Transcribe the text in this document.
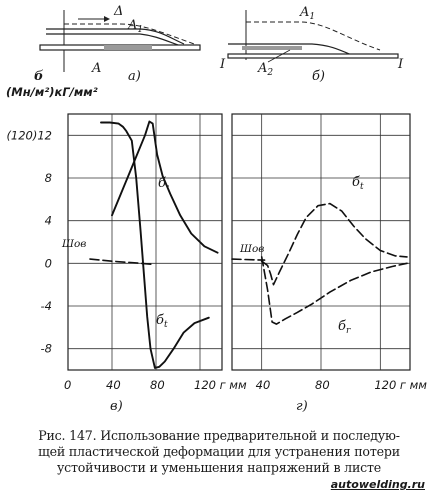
Δ
$A_1$
б
A
а)
$A_1$
$A_2$
I	I
б)
(Мн/м²)кГ/мм²
(120)12
8
4
0
-4
-8
0	40	80	120 г мм 40	80	120 г мм
б.
$б_t$
Шов
в)
$б_t$
$б_r$
Шов
г)
Рис. 147. Использование предварительной и последую-
щей пластической деформации для устранения потери
устойчивости и уменьшения напряжений в листе
autowelding.ru
